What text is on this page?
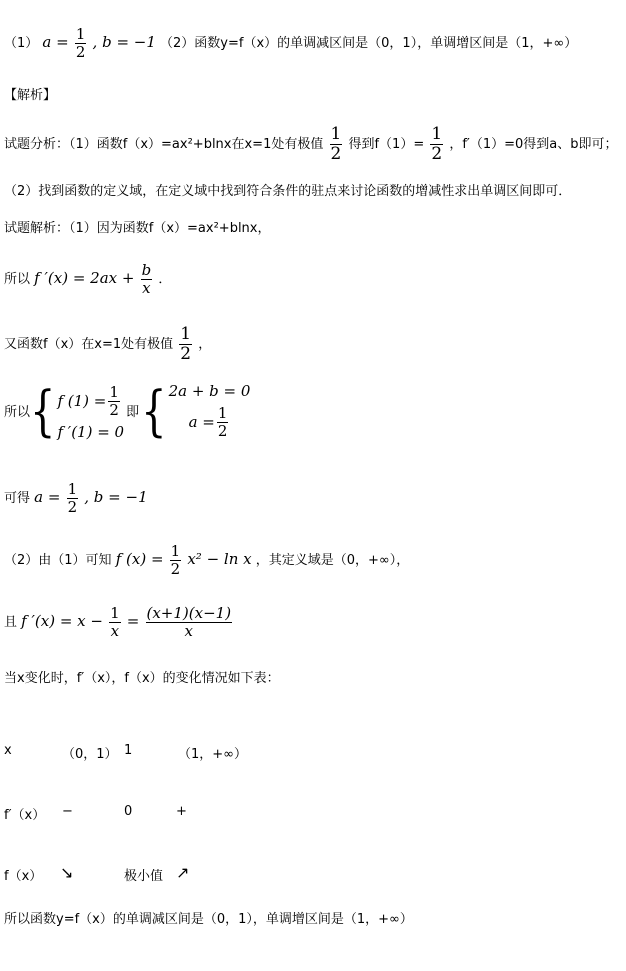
（1） $a = \frac{1}{2}$ , b = −1 （2）函数y=f（x）的单调减区间是（0，1），单调增区间是（1，+∞）
【解析】
试题分析：（1）函数f（x）=ax²+blnx在x=1处有极值 $\frac{1}{2}$ 得到$f(1)= \frac{1}{2}$ ，f′（1）=0得到a、b即可；
（2）找到函数的定义域，在定义域中找到符合条件的驻点来讨论函数的增减性求出单调区间即可．
试题解析：（1）因为函数f（x）=ax²+blnx，
所以 f $'(x) = 2ax + \frac{b}{x}$ ．
又函数f（x）在x=1处有极值 $\frac{1}{2}$ ，
所以 { f $(1) = \frac{1}{2}$
f ′(1) = 0
即 { 2a + b = 0
$a = \frac{1}{2}$
可得 $a = \frac{1}{2}$ , b = −1
（2）由（1）可知 f $(x) = \frac{1}{2} x^2 - \ln x$ ，其定义域是（0，+∞），
且 f $'(x) = x - \frac{1}{x} = \frac{(x+1)(x-1)}{x}$
当x变化时，f′（x），f（x）的变化情况如下表：
x	（0，1） 1	（1，+∞）
f′（x） −	0	+
f（x） ↘	极小值 ↗
所以函数y=f（x）的单调减区间是（0，1），单调增区间是（1，+∞）
